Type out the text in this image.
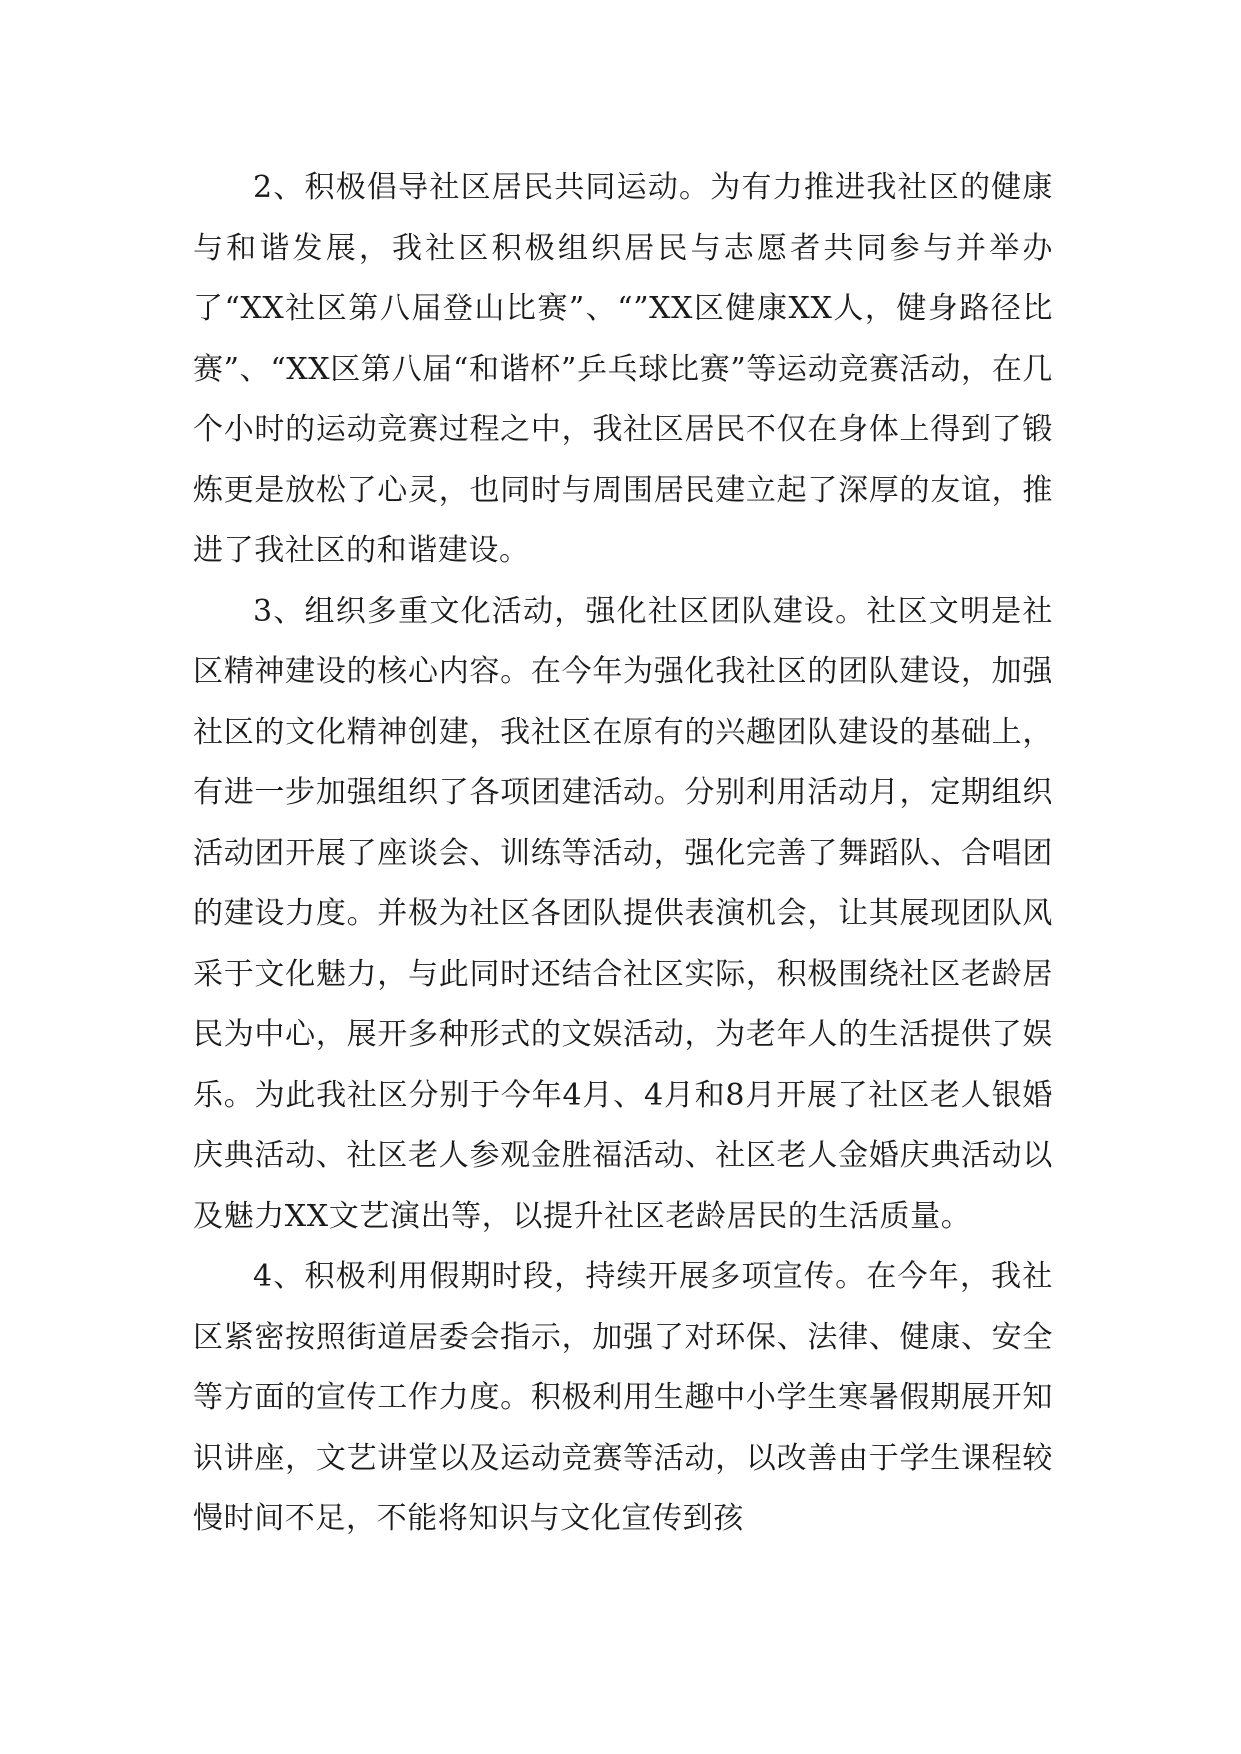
2、积极倡导社区居民共同运动。为有力推进我社区的健康与和谐发展，我社区积极组织居民与志愿者共同参与并举办了“XX社区第八届登山比赛”、“”XX区健康XX人，健身路径比赛”、“XX区第八届“和谐杯”乒乓球比赛”等运动竞赛活动，在几个小时的运动竞赛过程之中，我社区居民不仅在身体上得到了锻炼更是放松了心灵，也同时与周围居民建立起了深厚的友谊，推进了我社区的和谐建设。

3、组织多重文化活动，强化社区团队建设。社区文明是社区精神建设的核心内容。在今年为强化我社区的团队建设，加强社区的文化精神创建，我社区在原有的兴趣团队建设的基础上，有进一步加强组织了各项团建活动。分别利用活动月，定期组织活动团开展了座谈会、训练等活动，强化完善了舞蹈队、合唱团的建设力度。并极为社区各团队提供表演机会，让其展现团队风采于文化魅力，与此同时还结合社区实际，积极围绕社区老龄居民为中心，展开多种形式的文娱活动，为老年人的生活提供了娱乐。为此我社区分别于今年4月、4月和8月开展了社区老人银婚庆典活动、社区老人参观金胜福活动、社区老人金婚庆典活动以及魅力XX文艺演出等，以提升社区老龄居民的生活质量。

4、积极利用假期时段，持续开展多项宣传。在今年，我社区紧密按照街道居委会指示，加强了对环保、法律、健康、安全等方面的宣传工作力度。积极利用生趣中小学生寒暑假期展开知识讲座，文艺讲堂以及运动竞赛等活动，以改善由于学生课程较慢时间不足，不能将知识与文化宣传到孩
